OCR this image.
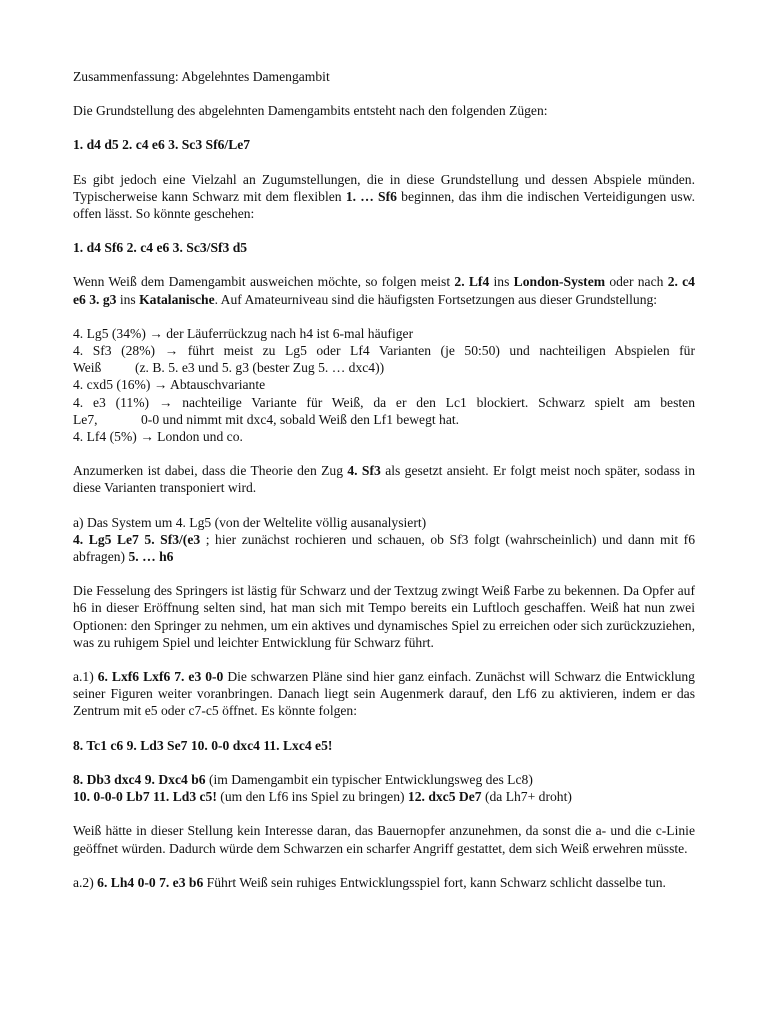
Zusammenfassung: Abgelehntes Damengambit

Die Grundstellung des abgelehnten Damengambits entsteht nach den folgenden Zügen:

1. d4 d5 2. c4 e6 3. Sc3 Sf6/Le7

Es gibt jedoch eine Vielzahl an Zugumstellungen, die in diese Grundstellung und dessen Abspiele münden. Typischerweise kann Schwarz mit dem flexiblen 1. … Sf6 beginnen, das ihm die indischen Verteidigungen usw. offen lässt. So könnte geschehen:

1. d4 Sf6 2. c4 e6 3. Sc3/Sf3 d5

Wenn Weiß dem Damengambit ausweichen möchte, so folgen meist 2. Lf4 ins London-System oder nach 2. c4 e6 3. g3 ins Katalanische. Auf Amateurniveau sind die häufigsten Fortsetzungen aus dieser Grundstellung:

4. Lg5 (34%) → der Läuferrückzug nach h4 ist 6-mal häufiger
4. Sf3 (28%) → führt meist zu Lg5 oder Lf4 Varianten (je 50:50) und nachteiligen Abspielen für
Weiß (z. B. 5. e3 und 5. g3 (bester Zug 5. … dxc4))
4. cxd5 (16%) → Abtauschvariante
4. e3 (11%) → nachteilige Variante für Weiß, da er den Lc1 blockiert. Schwarz spielt am besten
Le7,	0-0 und nimmt mit dxc4, sobald Weiß den Lf1 bewegt hat.
4. Lf4 (5%) → London und co.

Anzumerken ist dabei, dass die Theorie den Zug 4. Sf3 als gesetzt ansieht. Er folgt meist noch später, sodass in diese Varianten transponiert wird.

a) Das System um 4. Lg5 (von der Weltelite völlig ausanalysiert)
4. Lg5 Le7 5. Sf3/(e3 ; hier zunächst rochieren und schauen, ob Sf3 folgt (wahrscheinlich) und dann mit f6 abfragen) 5. … h6

Die Fesselung des Springers ist lästig für Schwarz und der Textzug zwingt Weiß Farbe zu bekennen. Da Opfer auf h6 in dieser Eröffnung selten sind, hat man sich mit Tempo bereits ein Luftloch geschaffen. Weiß hat nun zwei Optionen: den Springer zu nehmen, um ein aktives und dynamisches Spiel zu erreichen oder sich zurückzuziehen, was zu ruhigem Spiel und leichter Entwicklung für Schwarz führt.

a.1) 6. Lxf6 Lxf6 7. e3 0-0 Die schwarzen Pläne sind hier ganz einfach. Zunächst will Schwarz die Entwicklung seiner Figuren weiter voranbringen. Danach liegt sein Augenmerk darauf, den Lf6 zu aktivieren, indem er das Zentrum mit e5 oder c7-c5 öffnet. Es könnte folgen:

8. Tc1 c6 9. Ld3 Se7 10. 0-0 dxc4 11. Lxc4 e5!

8. Db3 dxc4 9. Dxc4 b6 (im Damengambit ein typischer Entwicklungsweg des Lc8)
10. 0-0-0 Lb7 11. Ld3 c5! (um den Lf6 ins Spiel zu bringen) 12. dxc5 De7 (da Lh7+ droht)

Weiß hätte in dieser Stellung kein Interesse daran, das Bauernopfer anzunehmen, da sonst die a- und die c-Linie geöffnet würden. Dadurch würde dem Schwarzen ein scharfer Angriff gestattet, dem sich Weiß erwehren müsste.

a.2) 6. Lh4 0-0 7. e3 b6 Führt Weiß sein ruhiges Entwicklungsspiel fort, kann Schwarz schlicht dasselbe tun.
